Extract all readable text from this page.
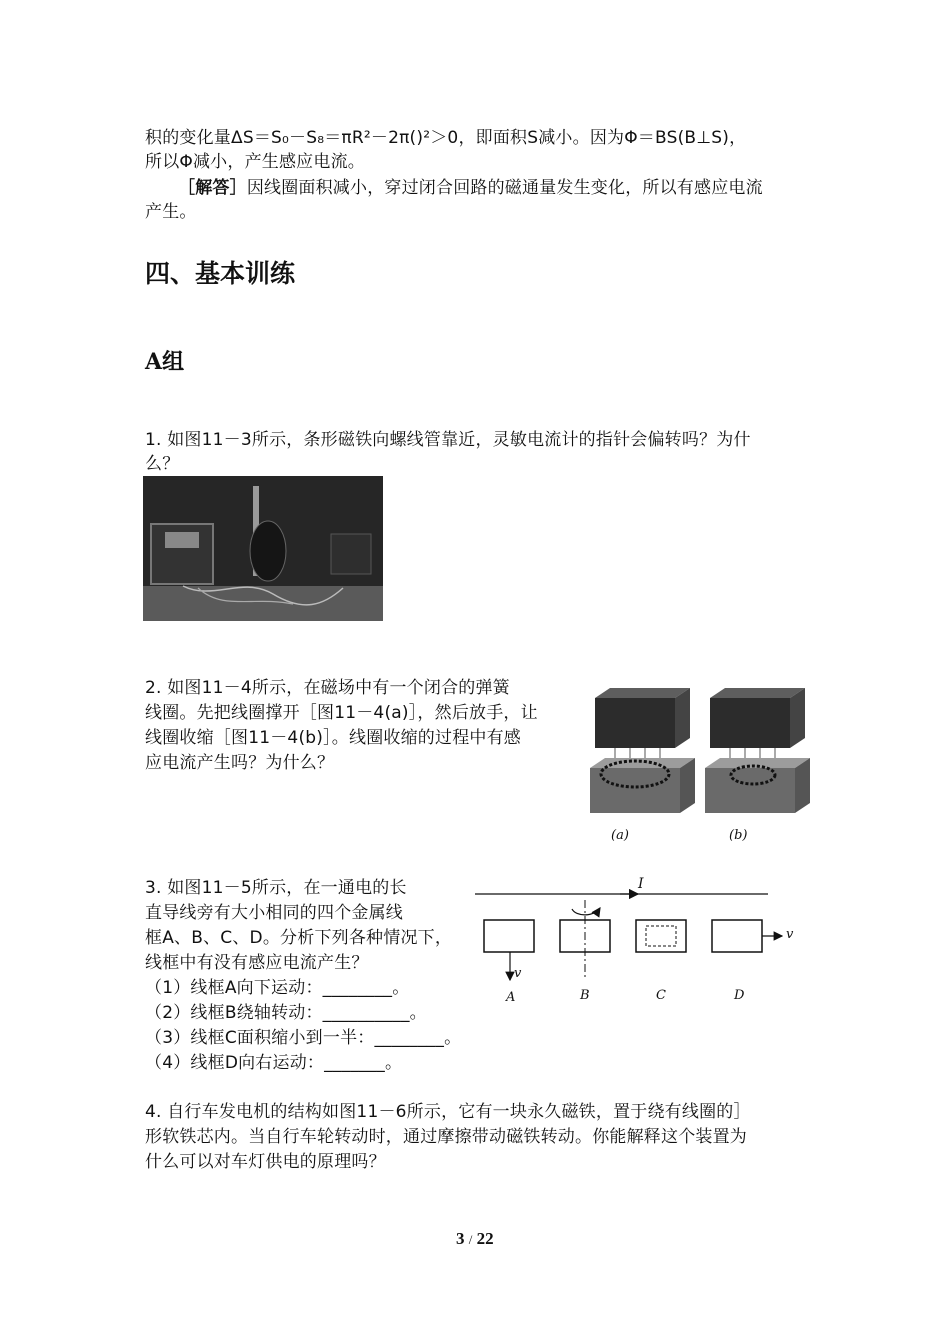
积的变化量ΔS＝S₀－S₈＝πR²－2π()²＞0，即面积S减小。因为Φ＝BS(B⊥S)，
所以Φ减小，产生感应电流。
［解答］因线圈面积减小，穿过闭合回路的磁通量发生变化，所以有感应电流
产生。
四、基本训练
A组
1. 如图11－3所示，条形磁铁向螺线管靠近，灵敏电流计的指针会偏转吗？为什
么？
2. 如图11－4所示，在磁场中有一个闭合的弹簧
线圈。先把线圈撑开［图11－4(a)］，然后放手，让
线圈收缩［图11－4(b)］。线圈收缩的过程中有感
应电流产生吗？为什么？
(a)	(b)
3. 如图11－5所示，在一通电的长
直导线旁有大小相同的四个金属线
框A、B、C、D。分析下列各种情况下，
线框中有没有感应电流产生？
（1）线框A向下运动：________。
（2）线框B绕轴转动：__________。
（3）线框C面积缩小到一半：________。
（4）线框D向右运动：_______。
I
v
v
A	B	C	D
4. 自行车发电机的结构如图11－6所示，它有一块永久磁铁，置于绕有线圈的］
形软铁芯内。当自行车轮转动时，通过摩擦带动磁铁转动。你能解释这个装置为
什么可以对车灯供电的原理吗？
3 / 22
